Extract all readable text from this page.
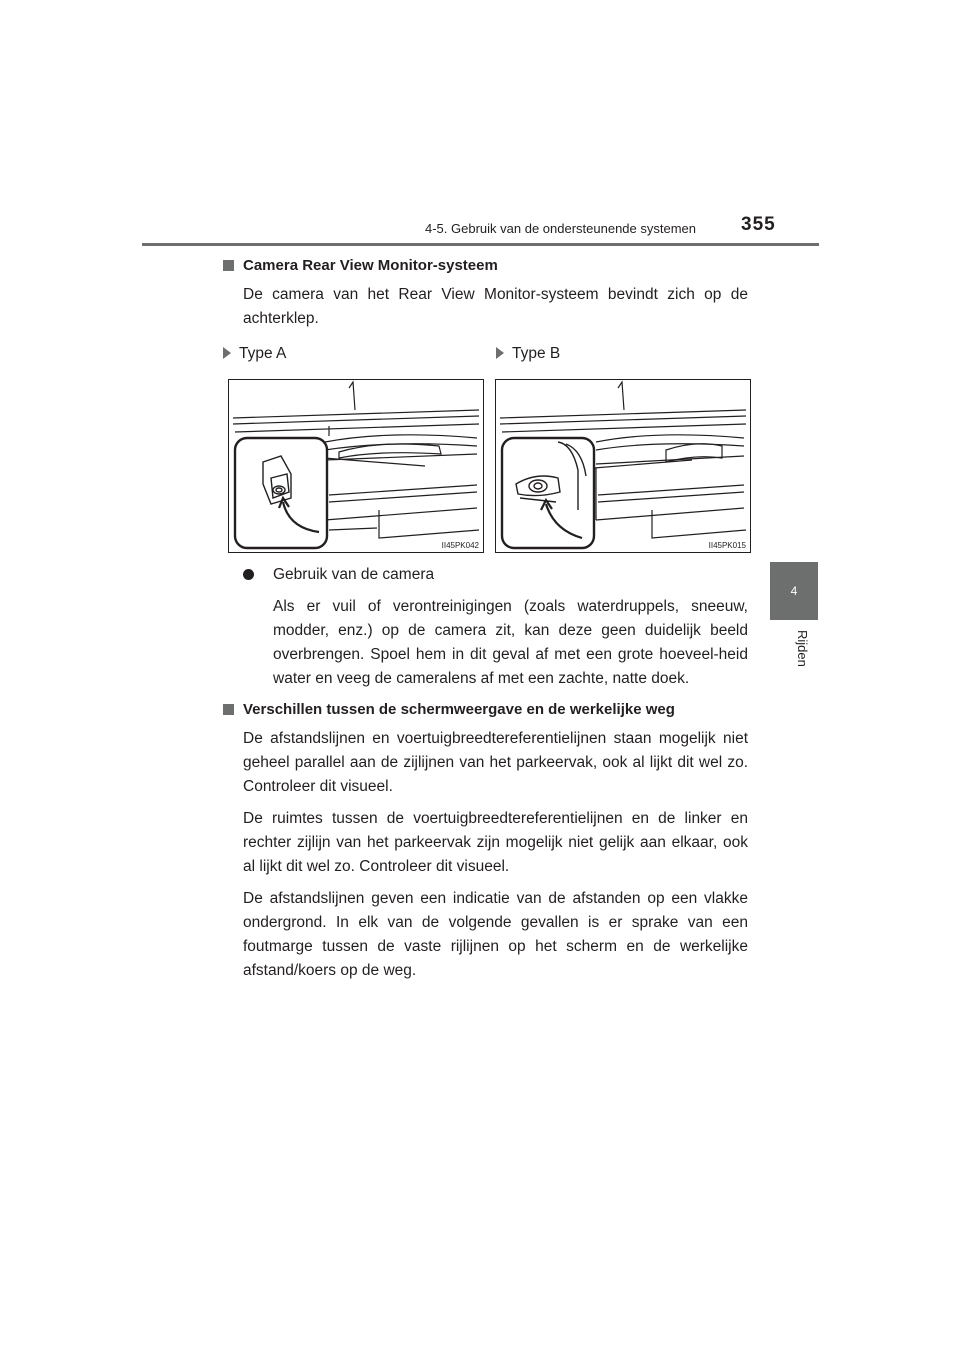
4-5. Gebruik van de ondersteunende systemen 355
4
Rijden
Camera Rear View Monitor-systeem

De camera van het Rear View Monitor-systeem bevindt zich op de achterklep.

Type A	Type B
II45PK042	II45PK015

Gebruik van de camera

Als er vuil of verontreinigingen (zoals waterdruppels, sneeuw, modder, enz.) op de camera zit, kan deze geen duidelijk beeld overbrengen. Spoel hem in dit geval af met een grote hoeveel-heid water en veeg de cameralens af met een zachte, natte doek.

Verschillen tussen de schermweergave en de werkelijke weg

De afstandslijnen en voertuigbreedtereferentielijnen staan mogelijk niet geheel parallel aan de zijlijnen van het parkeervak, ook al lijkt dit wel zo. Controleer dit visueel.

De ruimtes tussen de voertuigbreedtereferentielijnen en de linker en rechter zijlijn van het parkeervak zijn mogelijk niet gelijk aan elkaar, ook al lijkt dit wel zo. Controleer dit visueel.

De afstandslijnen geven een indicatie van de afstanden op een vlakke ondergrond. In elk van de volgende gevallen is er sprake van een foutmarge tussen de vaste rijlijnen op het scherm en de werkelijke afstand/koers op de weg.
